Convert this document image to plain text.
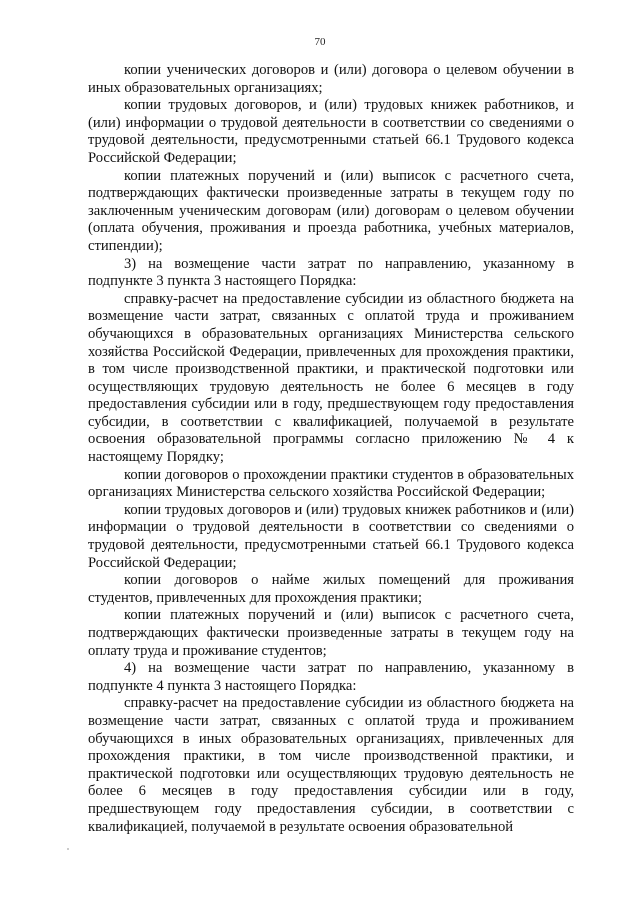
70

копии ученических договоров и (или) договора о целевом обучении в иных образовательных организациях;

копии трудовых договоров, и (или) трудовых книжек работников, и (или) информации о трудовой деятельности в соответствии со сведениями о трудовой деятельности, предусмотренными статьей 66.1 Трудового кодекса Российской Федерации;

копии платежных поручений и (или) выписок с расчетного счета, подтверждающих фактически произведенные затраты в текущем году по заключенным ученическим договорам (или) договорам о целевом обучении (оплата обучения, проживания и проезда работника, учебных материалов, стипендии);

3) на возмещение части затрат по направлению, указанному в подпункте 3 пункта 3 настоящего Порядка:

справку-расчет на предоставление субсидии из областного бюджета на возмещение части затрат, связанных с оплатой труда и проживанием обучающихся в образовательных организациях Министерства сельского хозяйства Российской Федерации, привлеченных для прохождения практики, в том числе производственной практики, и практической подготовки или осуществляющих трудовую деятельность не более 6 месяцев в году предоставления субсидии или в году, предшествующем году предоставления субсидии, в соответствии с квалификацией, получаемой в результате освоения образовательной программы согласно приложению № 4 к настоящему Порядку;

копии договоров о прохождении практики студентов в образовательных организациях Министерства сельского хозяйства Российской Федерации;

копии трудовых договоров и (или) трудовых книжек работников и (или) информации о трудовой деятельности в соответствии со сведениями о трудовой деятельности, предусмотренными статьей 66.1 Трудового кодекса Российской Федерации;

копии договоров о найме жилых помещений для проживания студентов, привлеченных для прохождения практики;

копии платежных поручений и (или) выписок с расчетного счета, подтверждающих фактически произведенные затраты в текущем году на оплату труда и проживание студентов;

4) на возмещение части затрат по направлению, указанному в подпункте 4 пункта 3 настоящего Порядка:

справку-расчет на предоставление субсидии из областного бюджета на возмещение части затрат, связанных с оплатой труда и проживанием обучающихся в иных образовательных организациях, привлеченных для прохождения практики, в том числе производственной практики, и практической подготовки или осуществляющих трудовую деятельность не более 6 месяцев в году предоставления субсидии или в году, предшествующем году предоставления субсидии, в соответствии с квалификацией, получаемой в результате освоения образовательной
